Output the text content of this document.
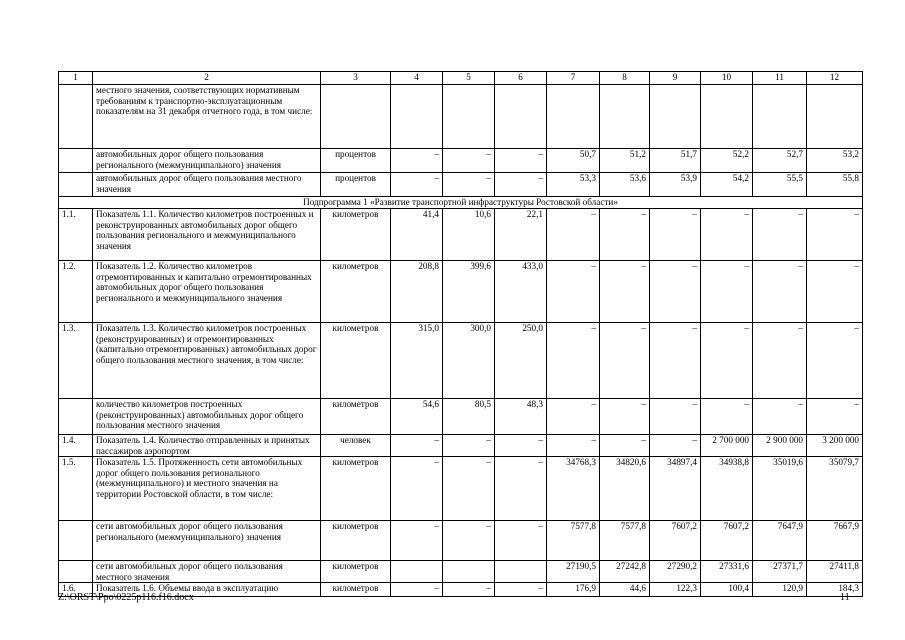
1	2	3	4	5	6	7	8	9	10	11	12
	местного значения, соответствующих нормативным требованиям к транспортно-эксплуатационным показателям на 31 декабря отчетного года, в том числе:										
	автомобильных дорог общего пользования регионального (межмуниципального) значения	процентов	–	–	–	50,7	51,2	51,7	52,2	52,7	53,2
	автомобильных дорог общего пользования местного значения	процентов	–	–	–	53,3	53,6	53,9	54,2	55,5	55,8
Подпрограмма 1 «Развитие транспортной инфраструктуры Ростовской области»											
1.1.	Показатель 1.1. Количество километров построенных и реконструированных автомобильных дорог общего пользования регионального и межмуниципального значения	километров	41,4	10,6	22,1	–	–	–	–	–	–
1.2.	Показатель 1.2. Количество километров отремонтированных и капитально отремонтированных автомобильных дорог общего пользования регионального и межмуниципального значения	километров	208,8	399,6	433,0	–	–	–	–	–	–
1.3.	Показатель 1.3. Количество километров построенных (реконструированных) и отремонтированных (капитально отремонтированных) автомобильных дорог общего пользования местного значения, в том числе:	километров	315,0	300,0	250,0	–	–	–	–	–	–
	количество километров построенных (реконструированных) автомобильных дорог общего пользования местного значения	километров	54,6	80,5	48,3	–	–	–	–	–	–
1.4.	Показатель 1.4. Количество отправленных и принятых пассажиров аэропортом	человек	–	–	–	–	–	–	2 700 000	2 900 000	3 200 000
1.5.	Показатель 1.5. Протяженность сети автомобильных дорог общего пользования регионального (межмуниципального) и местного значения на территории Ростовской области, в том числе:	километров	–	–	–	34768,3	34820,6	34897,4	34938,8	35019,6	35079,7
	сети автомобильных дорог общего пользования регионального (межмуниципального) значения	километров	–	–	–	7577,8	7577,8	7607,2	7607,2	7647,9	7667,9
	сети автомобильных дорог общего пользования местного значения	километров				27190,5	27242,8	27290,2	27331,6	27371,7	27411,8
1.6.	Показатель 1.6. Объемы ввода в эксплуатацию	километров	–	–	–	176,9	44,6	122,3	100,4	120,9	184,3
Z:\ORST\Ppo\0225p116.f16.docx	11
